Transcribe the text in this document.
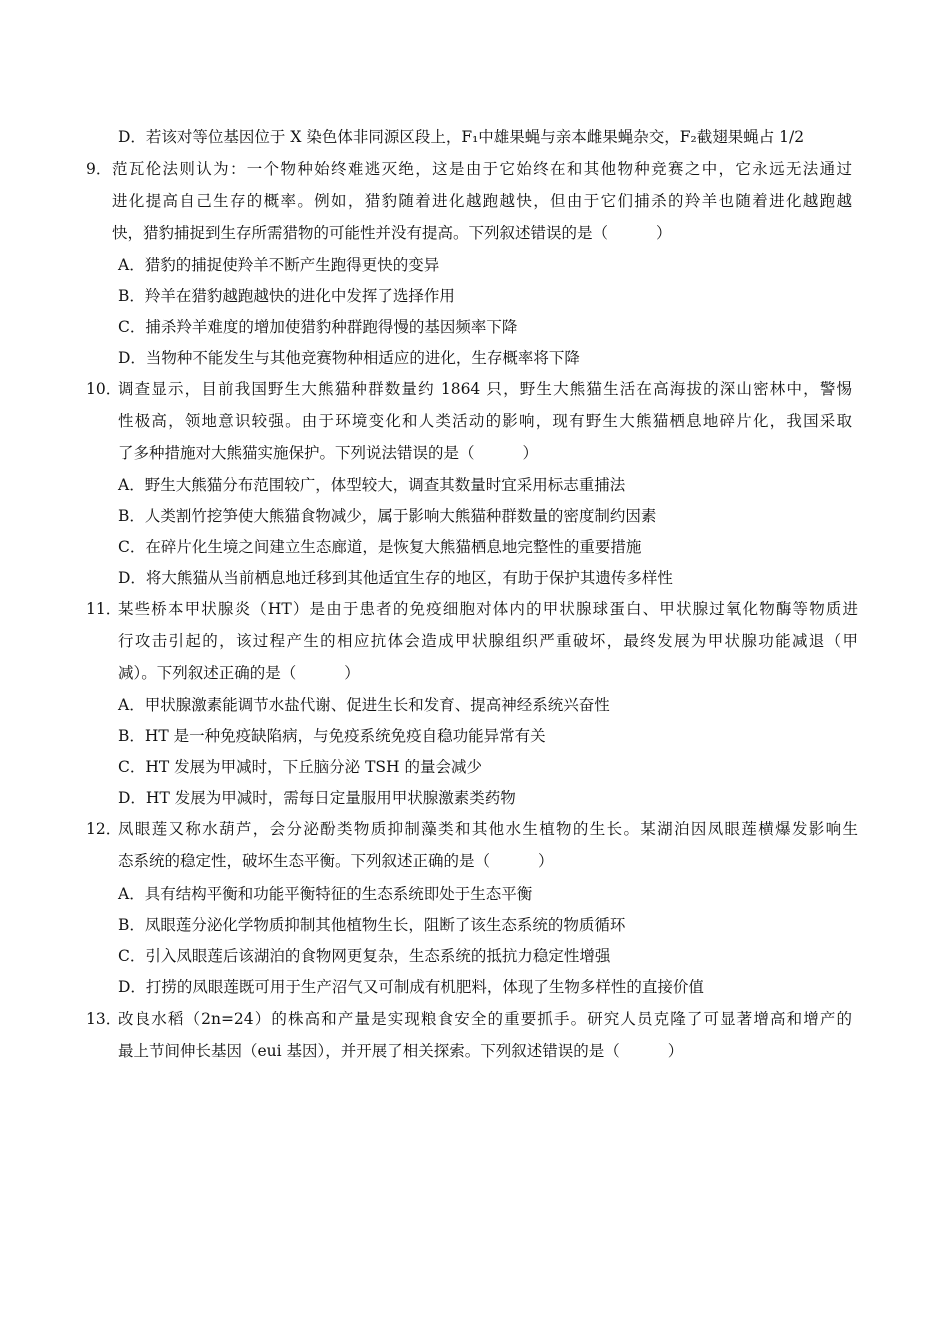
D．若该对等位基因位于 X 染色体非同源区段上，F₁中雄果蝇与亲本雌果蝇杂交，F₂截翅果蝇占 1/2
9． 范瓦伦法则认为：一个物种始终难逃灭绝，这是由于它始终在和其他物种竞赛之中，它永远无法通过
进化提高自己生存的概率。例如，猎豹随着进化越跑越快，但由于它们捕杀的羚羊也随着进化越跑越
快，猎豹捕捉到生存所需猎物的可能性并没有提高。下列叙述错误的是（	）
A．猎豹的捕捉使羚羊不断产生跑得更快的变异
B．羚羊在猎豹越跑越快的进化中发挥了选择作用
C．捕杀羚羊难度的增加使猎豹种群跑得慢的基因频率下降
D．当物种不能发生与其他竞赛物种相适应的进化，生存概率将下降
10．
调查显示，目前我国野生大熊猫种群数量约 1864 只，野生大熊猫生活在高海拔的深山密林中，警惕
性极高，领地意识较强。由于环境变化和人类活动的影响，现有野生大熊猫栖息地碎片化，我国采取
了多种措施对大熊猫实施保护。下列说法错误的是（	）
A．野生大熊猫分布范围较广，体型较大，调查其数量时宜采用标志重捕法
B．人类割竹挖笋使大熊猫食物减少，属于影响大熊猫种群数量的密度制约因素
C．在碎片化生境之间建立生态廊道，是恢复大熊猫栖息地完整性的重要措施
D．将大熊猫从当前栖息地迁移到其他适宜生存的地区，有助于保护其遗传多样性
11．
某些桥本甲状腺炎（HT）是由于患者的免疫细胞对体内的甲状腺球蛋白、甲状腺过氧化物酶等物质进
行攻击引起的，该过程产生的相应抗体会造成甲状腺组织严重破坏，最终发展为甲状腺功能减退（甲
减）。下列叙述正确的是（	）
A．甲状腺激素能调节水盐代谢、促进生长和发育、提高神经系统兴奋性
B．HT 是一种免疫缺陷病，与免疫系统免疫自稳功能异常有关
C．HT 发展为甲减时，下丘脑分泌 TSH 的量会减少
D．HT 发展为甲减时，需每日定量服用甲状腺激素类药物
12．
凤眼莲又称水葫芦，会分泌酚类物质抑制藻类和其他水生植物的生长。某湖泊因凤眼莲横爆发影响生
态系统的稳定性，破坏生态平衡。下列叙述正确的是（	）
A．具有结构平衡和功能平衡特征的生态系统即处于生态平衡
B．凤眼莲分泌化学物质抑制其他植物生长，阻断了该生态系统的物质循环
C．引入凤眼莲后该湖泊的食物网更复杂，生态系统的抵抗力稳定性增强
D．打捞的凤眼莲既可用于生产沼气又可制成有机肥料，体现了生物多样性的直接价值
13．
改良水稻（2n=24）的株高和产量是实现粮食安全的重要抓手。研究人员克隆了可显著增高和增产的
最上节间伸长基因（eui 基因），并开展了相关探索。下列叙述错误的是（	）
